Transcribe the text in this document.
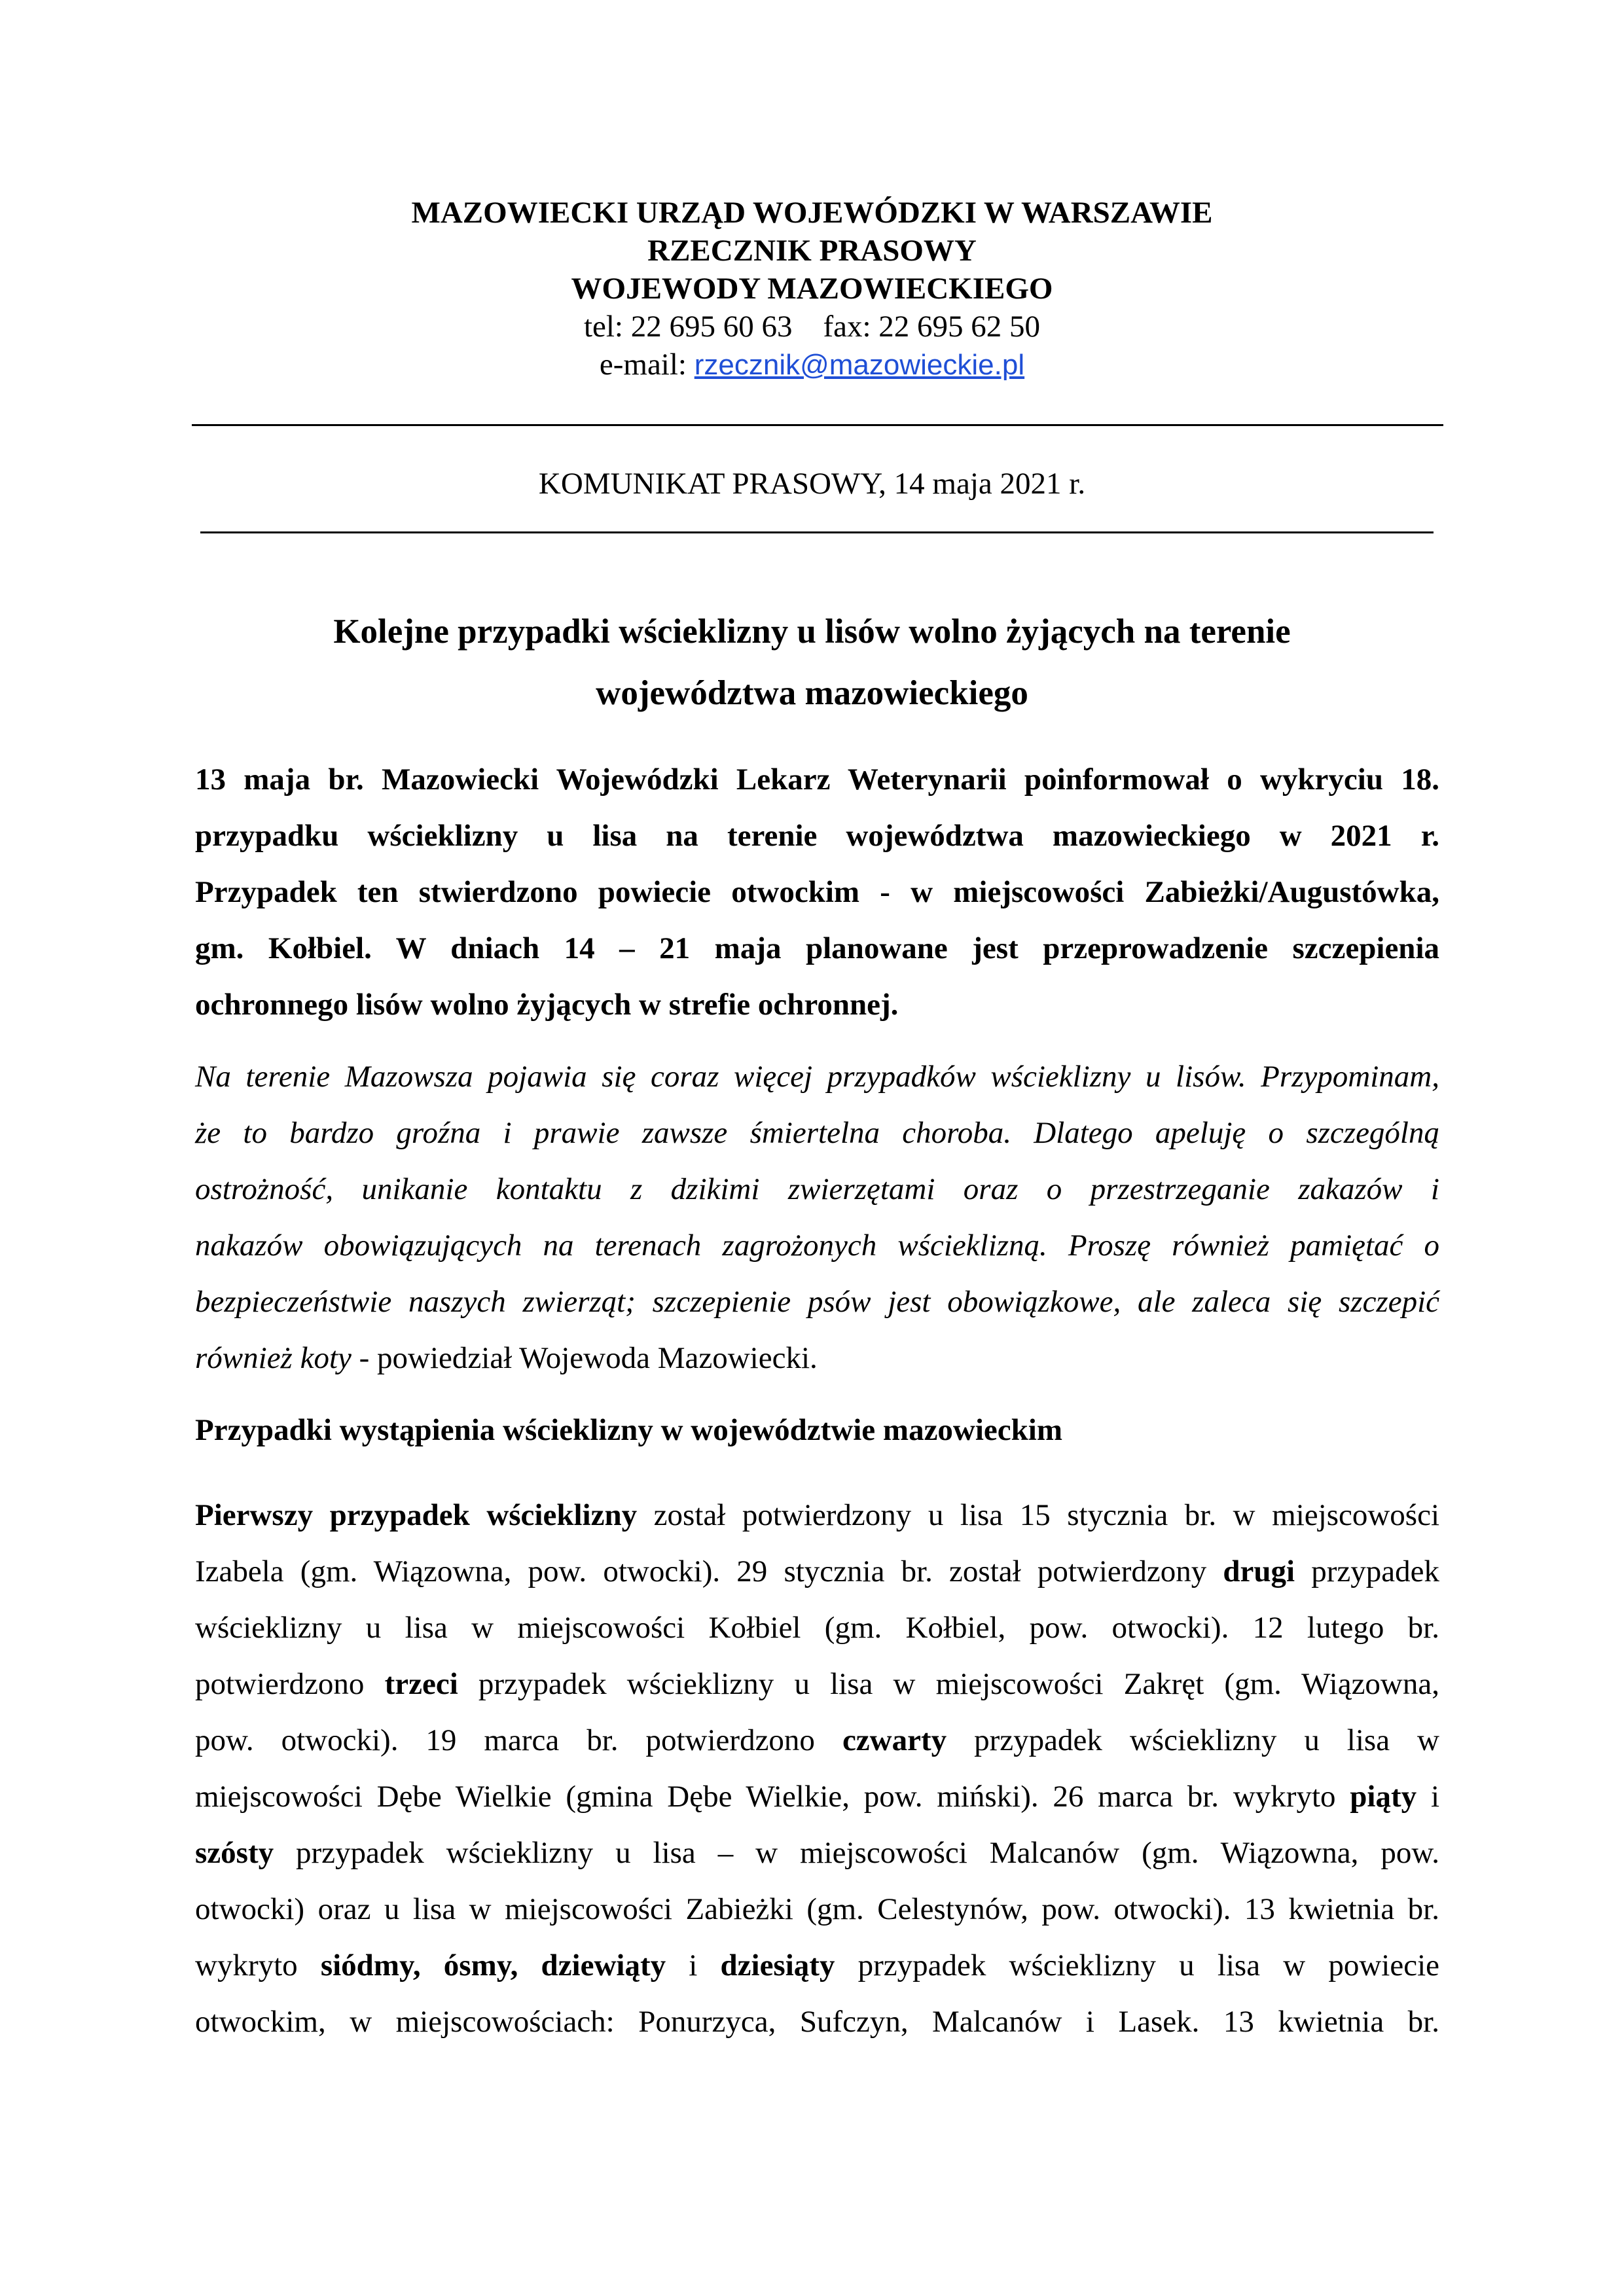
MAZOWIECKI URZĄD WOJEWÓDZKI W WARSZAWIE
RZECZNIK PRASOWY
WOJEWODY MAZOWIECKIEGO
tel: 22 695 60 63 fax: 22 695 62 50
e-mail: rzecznik@mazowieckie.pl
KOMUNIKAT PRASOWY, 14 maja 2021 r.
Kolejne przypadki wścieklizny u lisów wolno żyjących na terenie
województwa mazowieckiego
13 maja br. Mazowiecki Wojewódzki Lekarz Weterynarii poinformował o wykryciu 18.
przypadku wścieklizny u lisa na terenie województwa mazowieckiego w 2021 r.
Przypadek ten stwierdzono powiecie otwockim - w miejscowości Zabieżki/Augustówka,
gm. Kołbiel. W dniach 14 – 21 maja planowane jest przeprowadzenie szczepienia
ochronnego lisów wolno żyjących w strefie ochronnej.
Na terenie Mazowsza pojawia się coraz więcej przypadków wścieklizny u lisów. Przypominam,
że to bardzo groźna i prawie zawsze śmiertelna choroba. Dlatego apeluję o szczególną
ostrożność, unikanie kontaktu z dzikimi zwierzętami oraz o przestrzeganie zakazów i
nakazów obowiązujących na terenach zagrożonych wścieklizną. Proszę również pamiętać o
bezpieczeństwie naszych zwierząt; szczepienie psów jest obowiązkowe, ale zaleca się szczepić
również koty - powiedział Wojewoda Mazowiecki.
Przypadki wystąpienia wścieklizny w województwie mazowieckim
Pierwszy przypadek wścieklizny został potwierdzony u lisa 15 stycznia br. w miejscowości
Izabela (gm. Wiązowna, pow. otwocki). 29 stycznia br. został potwierdzony drugi przypadek
wścieklizny u lisa w miejscowości Kołbiel (gm. Kołbiel, pow. otwocki). 12 lutego br.
potwierdzono trzeci przypadek wścieklizny u lisa w miejscowości Zakręt (gm. Wiązowna,
pow. otwocki). 19 marca br. potwierdzono czwarty przypadek wścieklizny u lisa w
miejscowości Dębe Wielkie (gmina Dębe Wielkie, pow. miński). 26 marca br. wykryto piąty i
szósty przypadek wścieklizny u lisa – w miejscowości Malcanów (gm. Wiązowna, pow.
otwocki) oraz u lisa w miejscowości Zabieżki (gm. Celestynów, pow. otwocki). 13 kwietnia br.
wykryto siódmy, ósmy, dziewiąty i dziesiąty przypadek wścieklizny u lisa w powiecie
otwockim, w miejscowościach: Ponurzyca, Sufczyn, Malcanów i Lasek. 13 kwietnia br.
